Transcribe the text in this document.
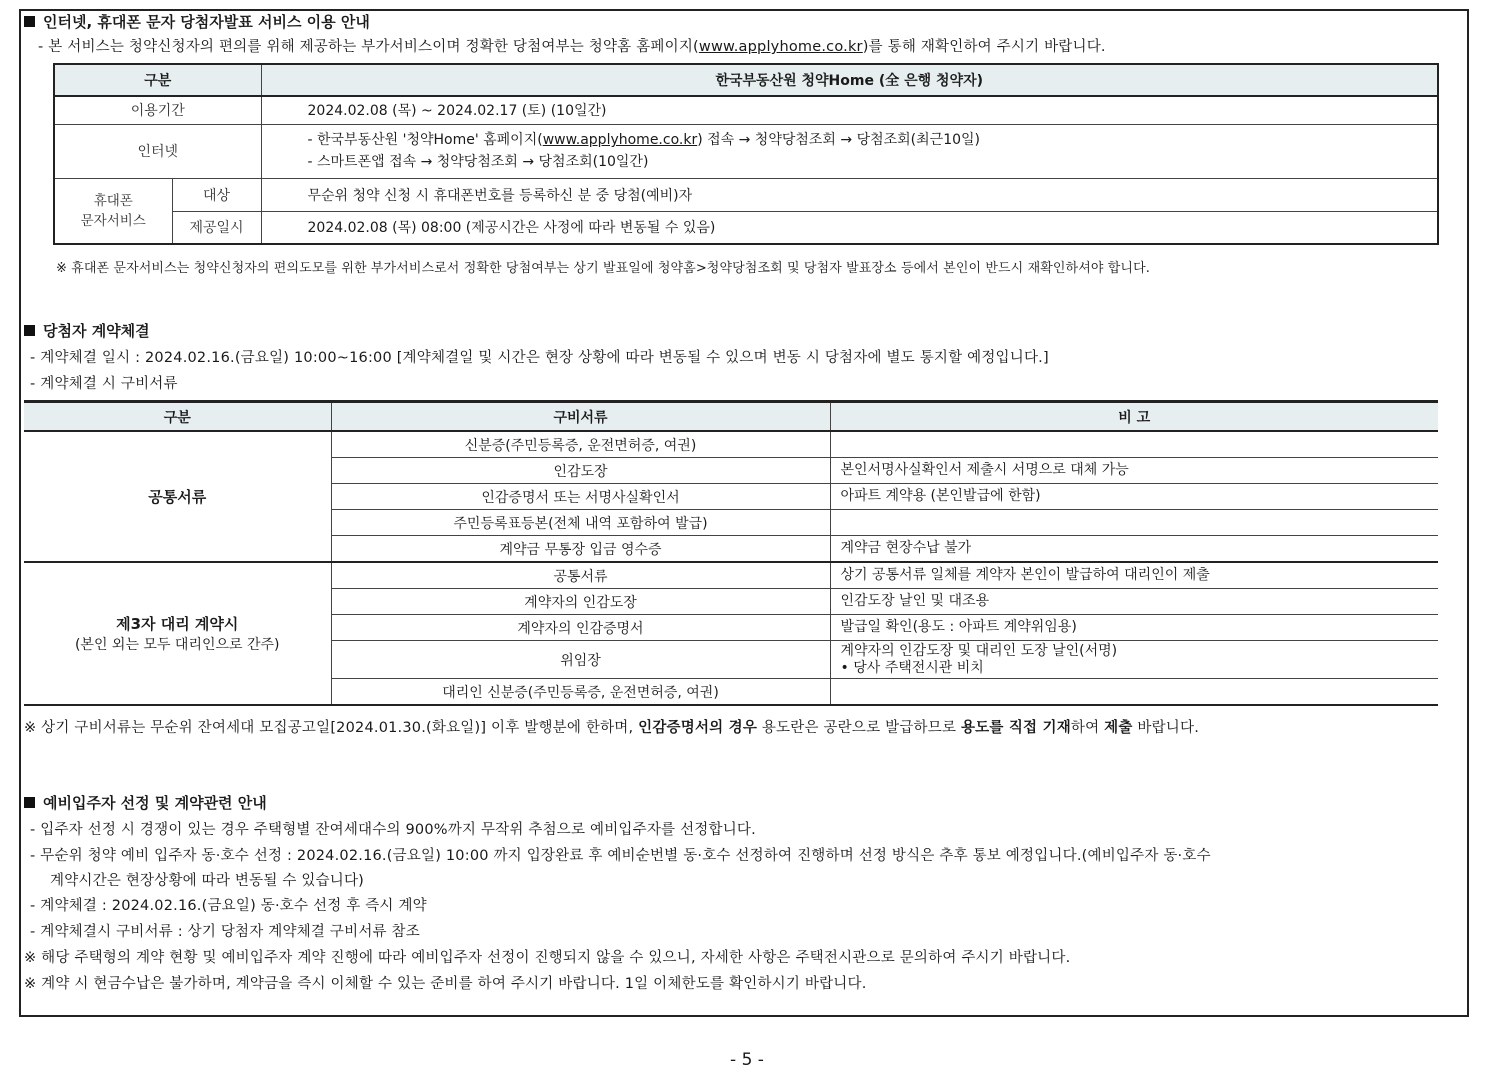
인터넷, 휴대폰 문자 당첨자발표 서비스 이용 안내
- 본 서비스는 청약신청자의 편의를 위해 제공하는 부가서비스이며 정확한 당첨여부는 청약홈 홈페이지(www.applyhome.co.kr)를 통해 재확인하여 주시기 바랍니다.
구분		한국부동산원 청약Home (全 은행 청약자)
이용기간		2024.02.08 (목) ~ 2024.02.17 (토) (10일간)
인터넷		- 한국부동산원 '청약Home' 홈페이지(www.applyhome.co.kr) 접속 → 청약당첨조회 → 당첨조회(최근10일)
- 스마트폰앱 접속 → 청약당첨조회 → 당첨조회(10일간)

휴대폰
문자서비스	대상	무순위 청약 신청 시 휴대폰번호를 등록하신 분 중 당첨(예비)자
	제공일시	2024.02.08 (목) 08:00 (제공시간은 사정에 따라 변동될 수 있음)
※ 휴대폰 문자서비스는 청약신청자의 편의도모를 위한 부가서비스로서 정확한 당첨여부는 상기 발표일에 청약홈>청약당첨조회 및 당첨자 발표장소 등에서 본인이 반드시 재확인하셔야 합니다.
당첨자 계약체결
- 계약체결 일시 : 2024.02.16.(금요일) 10:00~16:00 [계약체결일 및 시간은 현장 상황에 따라 변동될 수 있으며 변동 시 당첨자에 별도 통지할 예정입니다.]
- 계약체결 시 구비서류
구분	구비서류	비 고
공통서류	신분증(주민등록증, 운전면허증, 여권)	
	인감도장	본인서명사실확인서 제출시 서명으로 대체 가능
	인감증명서 또는 서명사실확인서	아파트 계약용 (본인발급에 한함)
	주민등록표등본(전체 내역 포함하여 발급)	
	계약금 무통장 입금 영수증	계약금 현장수납 불가
제3자 대리 계약시
(본인 외는 모두 대리인으로 간주)	공통서류	상기 공통서류 일체를 계약자 본인이 발급하여 대리인이 제출
	계약자의 인감도장	인감도장 날인 및 대조용
	계약자의 인감증명서	발급일 확인(용도 : 아파트 계약위임용)
	위임장	계약자의 인감도장 및 대리인 도장 날인(서명)
• 당사 주택전시관 비치

	대리인 신분증(주민등록증, 운전면허증, 여권)	
※ 상기 구비서류는 무순위 잔여세대 모집공고일[2024.01.30.(화요일)] 이후 발행분에 한하며, 인감증명서의 경우 용도란은 공란으로 발급하므로 용도를 직접 기재하여 제출 바랍니다.
예비입주자 선정 및 계약관련 안내
- 입주자 선정 시 경쟁이 있는 경우 주택형별 잔여세대수의 900%까지 무작위 추첨으로 예비입주자를 선정합니다.
- 무순위 청약 예비 입주자 동·호수 선정 : 2024.02.16.(금요일) 10:00 까지 입장완료 후 예비순번별 동·호수 선정하여 진행하며 선정 방식은 추후 통보 예정입니다.(예비입주자 동·호수
계약시간은 현장상황에 따라 변동될 수 있습니다)
- 계약체결 : 2024.02.16.(금요일) 동·호수 선정 후 즉시 계약
- 계약체결시 구비서류 : 상기 당첨자 계약체결 구비서류 참조
※ 해당 주택형의 계약 현황 및 예비입주자 계약 진행에 따라 예비입주자 선정이 진행되지 않을 수 있으니, 자세한 사항은 주택전시관으로 문의하여 주시기 바랍니다.
※ 계약 시 현금수납은 불가하며, 계약금을 즉시 이체할 수 있는 준비를 하여 주시기 바랍니다. 1일 이체한도를 확인하시기 바랍니다.
- 5 -
